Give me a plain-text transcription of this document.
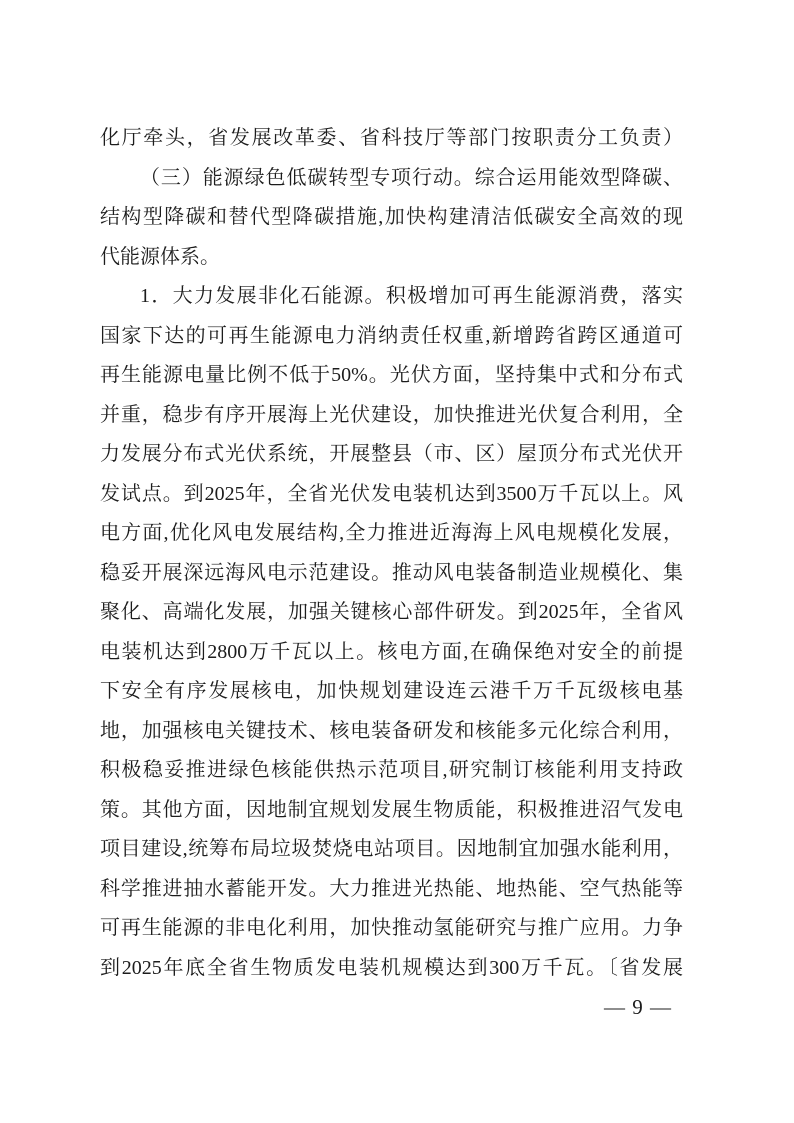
化厅牵头，省发展改革委、省科技厅等部门按职责分工负责）

（三）能源绿色低碳转型专项行动。综合运用能效型降碳、

结构型降碳和替代型降碳措施,加快构建清洁低碳安全高效的现

代能源体系。

1．大力发展非化石能源。积极增加可再生能源消费，落实

国家下达的可再生能源电力消纳责任权重,新增跨省跨区通道可

再生能源电量比例不低于50%。光伏方面，坚持集中式和分布式

并重，稳步有序开展海上光伏建设，加快推进光伏复合利用，全

力发展分布式光伏系统，开展整县（市、区）屋顶分布式光伏开

发试点。到2025年，全省光伏发电装机达到3500万千瓦以上。风

电方面,优化风电发展结构,全力推进近海海上风电规模化发展，

稳妥开展深远海风电示范建设。推动风电装备制造业规模化、集

聚化、高端化发展，加强关键核心部件研发。到2025年，全省风

电装机达到2800万千瓦以上。核电方面,在确保绝对安全的前提

下安全有序发展核电，加快规划建设连云港千万千瓦级核电基

地，加强核电关键技术、核电装备研发和核能多元化综合利用，

积极稳妥推进绿色核能供热示范项目,研究制订核能利用支持政

策。其他方面，因地制宜规划发展生物质能，积极推进沼气发电

项目建设,统筹布局垃圾焚烧电站项目。因地制宜加强水能利用，

科学推进抽水蓄能开发。大力推进光热能、地热能、空气热能等

可再生能源的非电化利用，加快推动氢能研究与推广应用。力争

到2025年底全省生物质发电装机规模达到300万千瓦。〔省发展

— 9 —
